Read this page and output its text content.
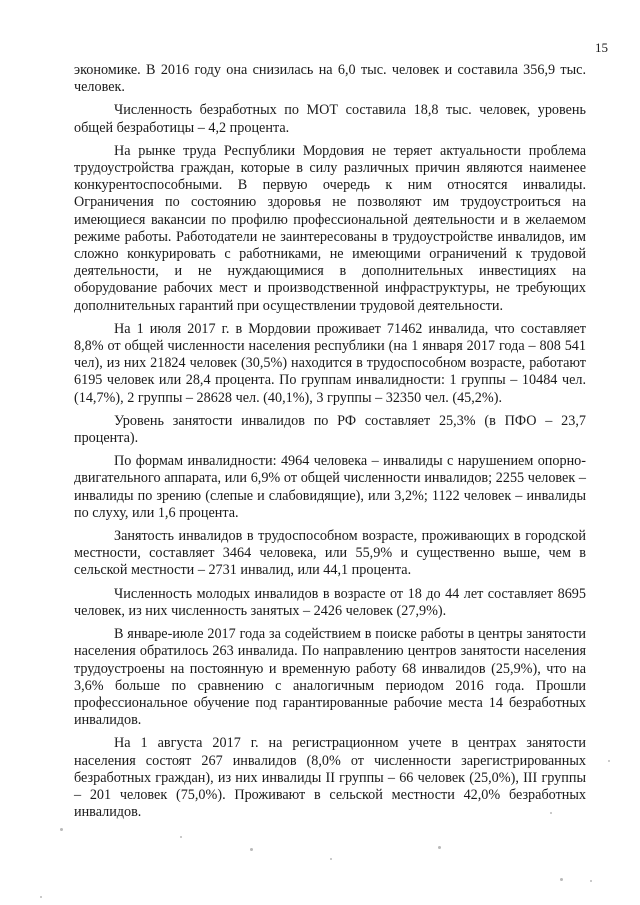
15

экономике. В 2016 году она снизилась на 6,0 тыс. человек и составила 356,9 тыс. человек.

Численность безработных по МОТ составила 18,8 тыс. человек, уровень общей безработицы – 4,2 процента.

На рынке труда Республики Мордовия не теряет актуальности проблема трудоустройства граждан, которые в силу различных причин являются наименее конкурентоспособными. В первую очередь к ним относятся инвалиды. Ограничения по состоянию здоровья не позволяют им трудоустроиться на имеющиеся вакансии по профилю профессиональной деятельности и в желаемом режиме работы. Работодатели не заинтересованы в трудоустройстве инвалидов, им сложно конкурировать с работниками, не имеющими ограничений к трудовой деятельности, и не нуждающимися в дополнительных инвестициях на оборудование рабочих мест и производственной инфраструктуры, не требующих дополнительных гарантий при осуществлении трудовой деятельности.

На 1 июля 2017 г. в Мордовии проживает 71462 инвалида, что составляет 8,8% от общей численности населения республики (на 1 января 2017 года – 808 541 чел), из них 21824 человек (30,5%) находится в трудоспособном возрасте, работают 6195 человек или 28,4 процента. По группам инвалидности: 1 группы – 10484 чел. (14,7%), 2 группы – 28628 чел. (40,1%), 3 группы – 32350 чел. (45,2%).

Уровень занятости инвалидов по РФ составляет 25,3% (в ПФО – 23,7 процента).

По формам инвалидности: 4964 человека – инвалиды с нарушением опорно-двигательного аппарата, или 6,9% от общей численности инвалидов; 2255 человек – инвалиды по зрению (слепые и слабовидящие), или 3,2%; 1122 человек – инвалиды по слуху, или 1,6 процента.

Занятость инвалидов в трудоспособном возрасте, проживающих в городской местности, составляет 3464 человека, или 55,9% и существенно выше, чем в сельской местности – 2731 инвалид, или 44,1 процента.

Численность молодых инвалидов в возрасте от 18 до 44 лет составляет 8695 человек, из них численность занятых – 2426 человек (27,9%).

В январе-июле 2017 года за содействием в поиске работы в центры занятости населения обратилось 263 инвалида. По направлению центров занятости населения трудоустроены на постоянную и временную работу 68 инвалидов (25,9%), что на 3,6% больше по сравнению с аналогичным периодом 2016 года. Прошли профессиональное обучение под гарантированные рабочие места 14 безработных инвалидов.

На 1 августа 2017 г. на регистрационном учете в центрах занятости населения состоят 267 инвалидов (8,0% от численности зарегистрированных безработных граждан), из них инвалиды II группы – 66 человек (25,0%), III группы – 201 человек (75,0%). Проживают в сельской местности 42,0% безработных инвалидов.
